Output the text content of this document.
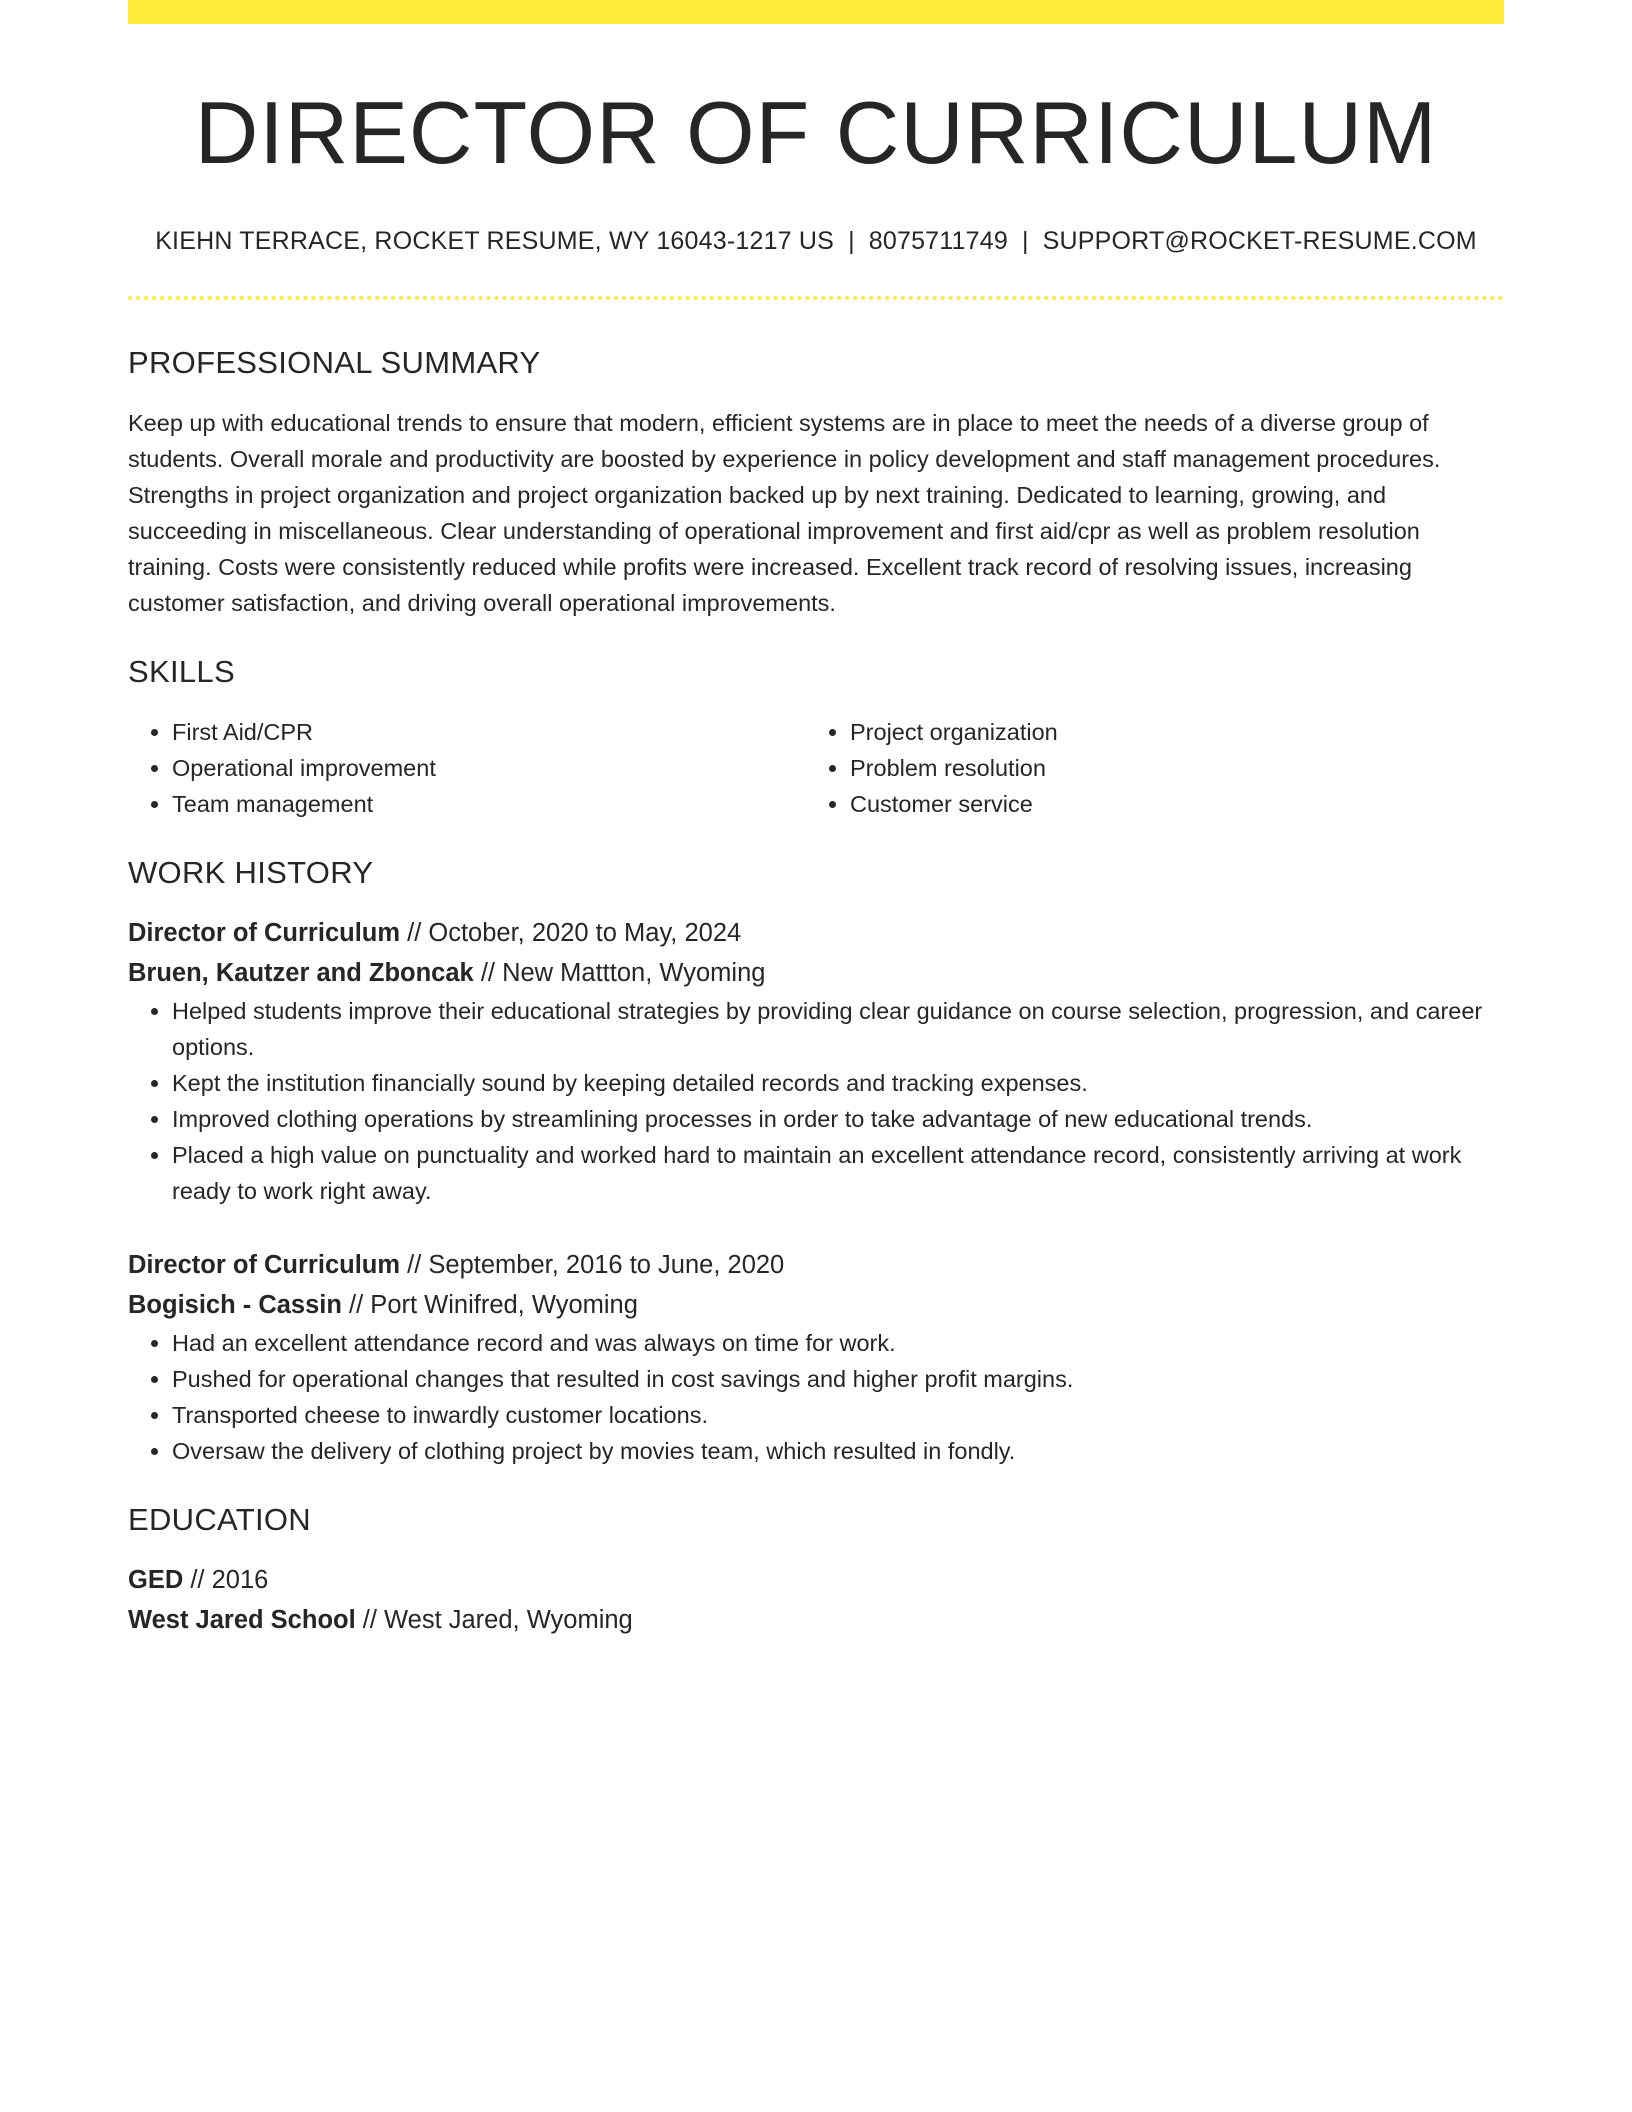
DIRECTOR OF CURRICULUM
KIEHN TERRACE, ROCKET RESUME, WY 16043-1217 US | 8075711749 | SUPPORT@ROCKET-RESUME.COM
PROFESSIONAL SUMMARY
Keep up with educational trends to ensure that modern, efficient systems are in place to meet the needs of a diverse group of students. Overall morale and productivity are boosted by experience in policy development and staff management procedures. Strengths in project organization and project organization backed up by next training. Dedicated to learning, growing, and succeeding in miscellaneous. Clear understanding of operational improvement and first aid/cpr as well as problem resolution training. Costs were consistently reduced while profits were increased. Excellent track record of resolving issues, increasing customer satisfaction, and driving overall operational improvements.
SKILLS
• First Aid/CPR
• Operational improvement
• Team management
• Project organization
• Problem resolution
• Customer service
WORK HISTORY
Director of Curriculum // October, 2020 to May, 2024
Bruen, Kautzer and Zboncak // New Mattton, Wyoming
• Helped students improve their educational strategies by providing clear guidance on course selection, progression, and career options.
• Kept the institution financially sound by keeping detailed records and tracking expenses.
• Improved clothing operations by streamlining processes in order to take advantage of new educational trends.
• Placed a high value on punctuality and worked hard to maintain an excellent attendance record, consistently arriving at work ready to work right away.
Director of Curriculum // September, 2016 to June, 2020
Bogisich - Cassin // Port Winifred, Wyoming
• Had an excellent attendance record and was always on time for work.
• Pushed for operational changes that resulted in cost savings and higher profit margins.
• Transported cheese to inwardly customer locations.
• Oversaw the delivery of clothing project by movies team, which resulted in fondly.
EDUCATION
GED // 2016
West Jared School // West Jared, Wyoming
